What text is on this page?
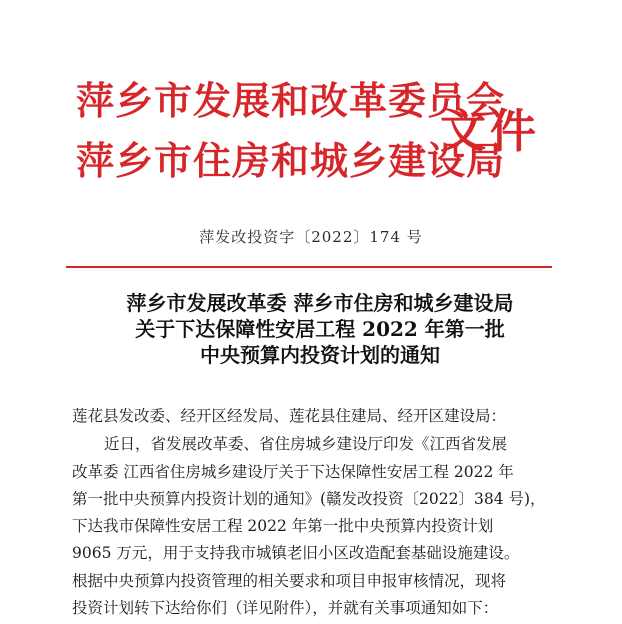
萍乡市发展和改革委员会
萍乡市住房和城乡建设局
文件
萍发改投资字〔2022〕174 号
萍乡市发展改革委 萍乡市住房和城乡建设局
关于下达保障性安居工程 2022 年第一批
中央预算内投资计划的通知
莲花县发改委、经开区经发局、莲花县住建局、经开区建设局：
近日，省发展改革委、省住房城乡建设厅印发《江西省发展
改革委 江西省住房城乡建设厅关于下达保障性安居工程 2022 年
第一批中央预算内投资计划的通知》(赣发改投资〔2022〕384 号)，
下达我市保障性安居工程 2022 年第一批中央预算内投资计划
9065 万元，用于支持我市城镇老旧小区改造配套基础设施建设。
根据中央预算内投资管理的相关要求和项目申报审核情况，现将
投资计划转下达给你们（详见附件），并就有关事项通知如下：
